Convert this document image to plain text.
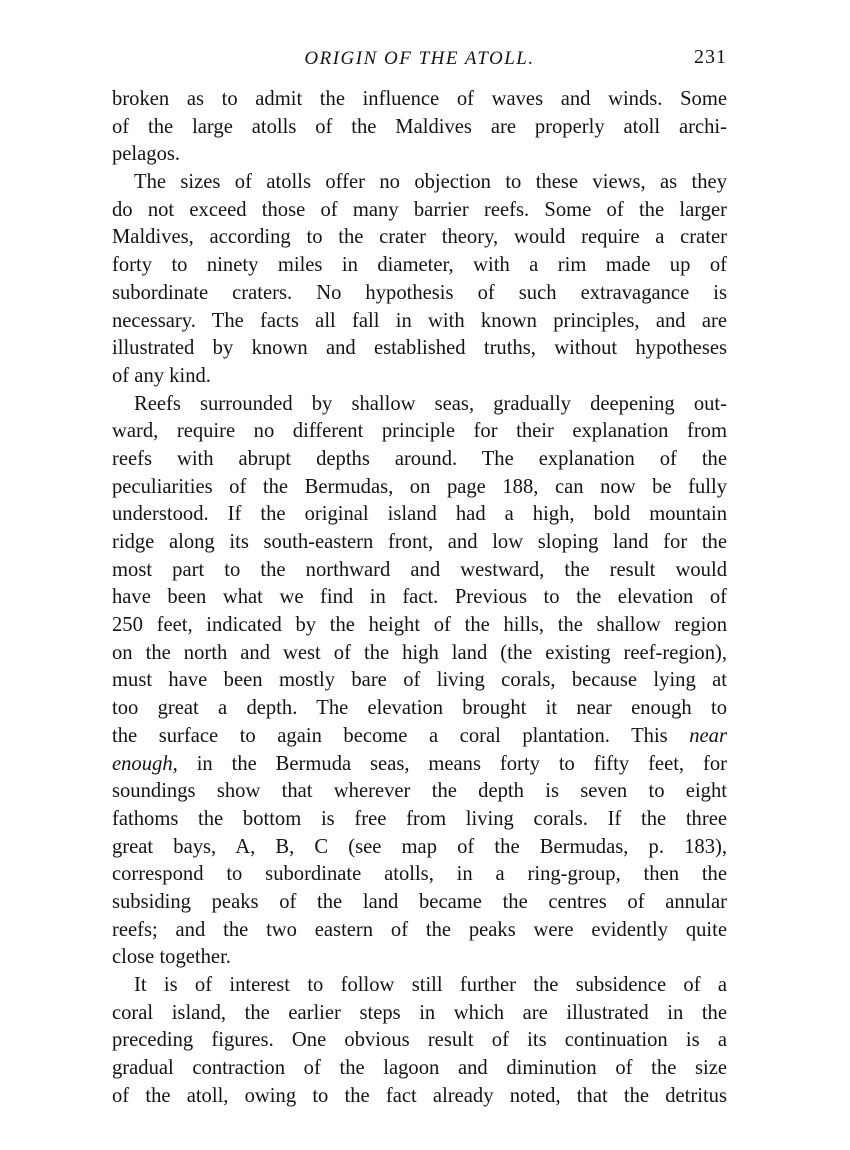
ORIGIN OF THE ATOLL.	231
broken as to admit the influence of waves and winds. Some
of the large atolls of the Maldives are properly atoll archi-
pelagos.
The sizes of atolls offer no objection to these views, as they
do not exceed those of many barrier reefs. Some of the larger
Maldives, according to the crater theory, would require a crater
forty to ninety miles in diameter, with a rim made up of
subordinate craters. No hypothesis of such extravagance is
necessary. The facts all fall in with known principles, and are
illustrated by known and established truths, without hypotheses
of any kind.
Reefs surrounded by shallow seas, gradually deepening out-
ward, require no different principle for their explanation from
reefs with abrupt depths around. The explanation of the
peculiarities of the Bermudas, on page 188, can now be fully
understood. If the original island had a high, bold mountain
ridge along its south-eastern front, and low sloping land for the
most part to the northward and westward, the result would
have been what we find in fact. Previous to the elevation of
250 feet, indicated by the height of the hills, the shallow region
on the north and west of the high land (the existing reef-region),
must have been mostly bare of living corals, because lying at
too great a depth. The elevation brought it near enough to
the surface to again become a coral plantation. This near
enough, in the Bermuda seas, means forty to fifty feet, for
soundings show that wherever the depth is seven to eight
fathoms the bottom is free from living corals. If the three
great bays, A, B, C (see map of the Bermudas, p. 183),
correspond to subordinate atolls, in a ring-group, then the
subsiding peaks of the land became the centres of annular
reefs; and the two eastern of the peaks were evidently quite
close together.
It is of interest to follow still further the subsidence of a
coral island, the earlier steps in which are illustrated in the
preceding figures. One obvious result of its continuation is a
gradual contraction of the lagoon and diminution of the size
of the atoll, owing to the fact already noted, that the detritus
